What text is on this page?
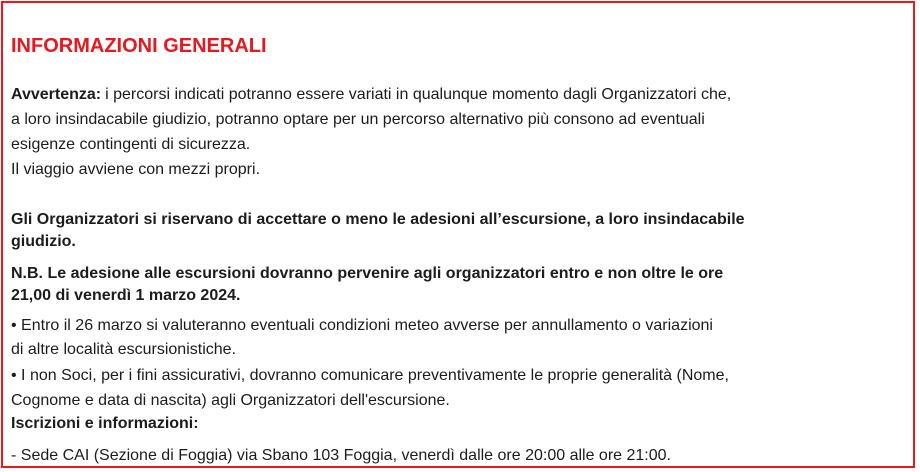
INFORMAZIONI GENERALI
Avvertenza: i percorsi indicati potranno essere variati in qualunque momento dagli Organizzatori che,
a loro insindacabile giudizio, potranno optare per un percorso alternativo più consono ad eventuali
esigenze contingenti di sicurezza.
Il viaggio avviene con mezzi propri.
Gli Organizzatori si riservano di accettare o meno le adesioni all’escursione, a loro insindacabile
giudizio.
N.B. Le adesione alle escursioni dovranno pervenire agli organizzatori entro e non oltre le ore
21,00 di venerdì 1 marzo 2024.
• Entro il 26 marzo si valuteranno eventuali condizioni meteo avverse per annullamento o variazioni
di altre località escursionistiche.
• I non Soci, per i fini assicurativi, dovranno comunicare preventivamente le proprie generalità (Nome,
Cognome e data di nascita) agli Organizzatori dell'escursione.
Iscrizioni e informazioni:
- Sede CAI (Sezione di Foggia) via Sbano 103 Foggia, venerdì dalle ore 20:00 alle ore 21:00.
